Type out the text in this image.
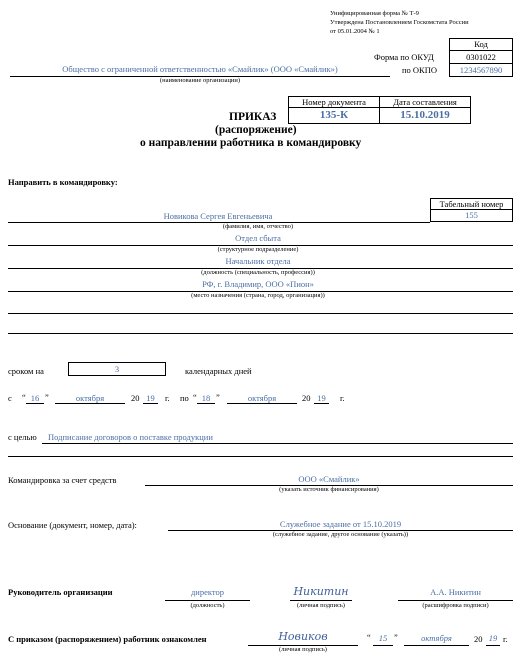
Унифицированная форма № Т-9
Утверждена Постановлением Госкомстата России
от 05.01.2004 № 1
Код
0301022
1234567890
Форма по ОКУД
по ОКПО
Общество с ограниченной ответственностью «Смайлик» (ООО «Смайлик»)
(наименование организации)
Номер документа	Дата составления
135-К	15.10.2019
ПРИКАЗ
(распоряжение)
о направлении работника в командировку
Направить в командировку:
Табельный номер
155
Новикова Сергея Евгеньевича
(фамилия, имя, отчество)
Отдел сбыта
(структурное подразделение)
Начальник отдела
(должность (специальность, профессия))
РФ, г. Владимир, ООО «Пион»
(место назначения (страна, город, организация))
сроком на	3	календарных дней
с “ 16 ”	октября	20 19	г. по “ 18 ”	октября	20 19	г.
с целью Подписание договоров о поставке продукции
Командировка за счет средств	ООО «Смайлик»
(указать источник финансирования)
Основание (документ, номер, дата):	Служебное задание от 15.10.2019
(служебное задание, другое основание (указать))
Руководитель организации	директор
(должность)
Никитин
(личная подпись)
А.А. Никитин
(расшифровка подписи)
С приказом (распоряжением) работник ознакомлен	Новиков
(личная подпись)
“ 15 ”	октября	20 19 г.
